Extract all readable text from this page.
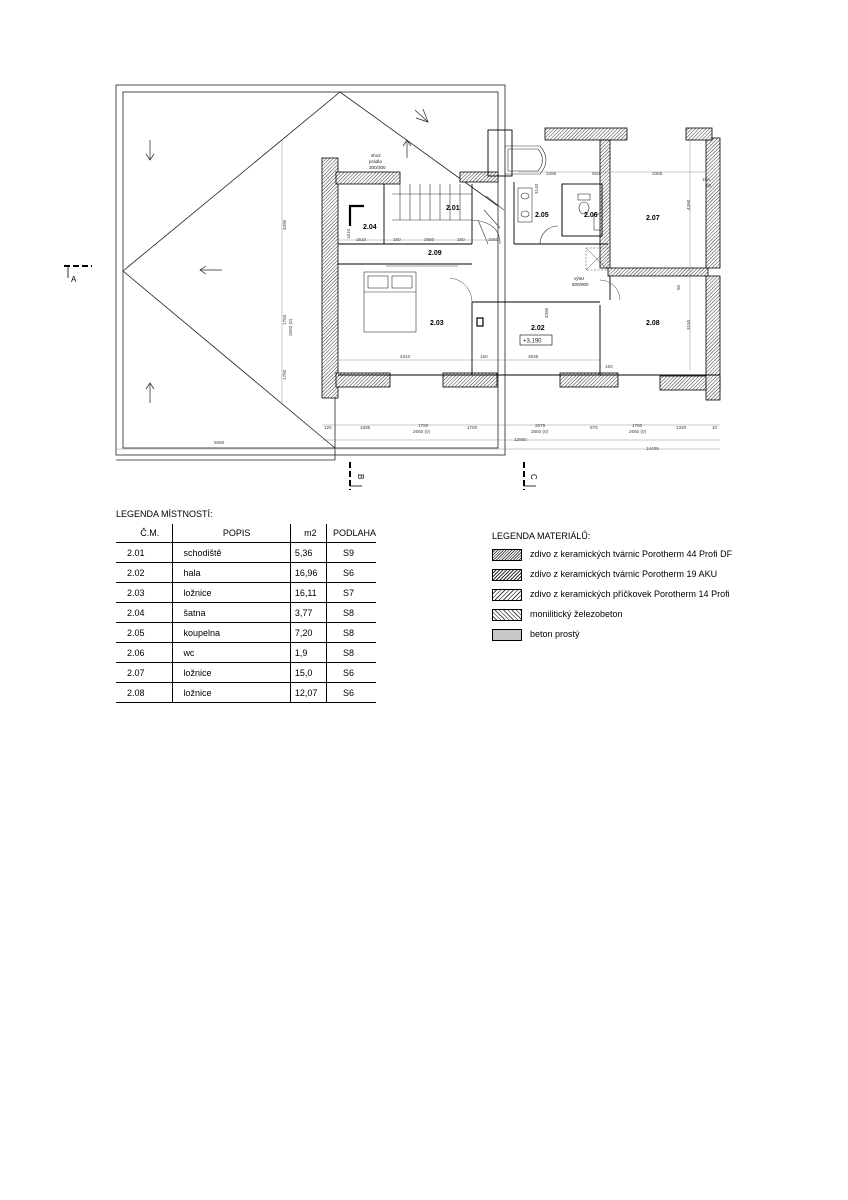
2.01
2.02
2.03
2.04
2.05	2.06	2.07
2.08
2.09
+3,190
shoz
prádla
300/300
výlez
600/900
3285	550	3365
150
50
1510	150	2650	150	1050
4390
3140
4390
3150
50
4390
1750 2650 (0)
1750
1610
4310	150	3835
150
125	1685	1750
2650 (0)
1750	2675
2650 (0)
875	1750
2650 (0)
1340	10
12800
14405
5690
A
B	C
LEGENDA MÍSTNOSTÍ:
Č.M.	POPIS	m2	PODLAHA
2.01	schodiště	5,36	S9
2.02	hala	16,96	S6
2.03	ložnice	16,11	S7
2.04	šatna	3,77	S8
2.05	koupelna	7,20	S8
2.06	wc	1,9	S8
2.07	ložnice	15,0	S6
2.08	ložnice	12,07	S6
LEGENDA MATERIÁLŮ:
zdivo z keramických tvárnic Porotherm 44 Profi DF
zdivo z keramických tvárnic Porotherm 19 AKU
zdivo z keramických příčkovek Porotherm 14 Profi
monilitický železobeton
beton prostý
